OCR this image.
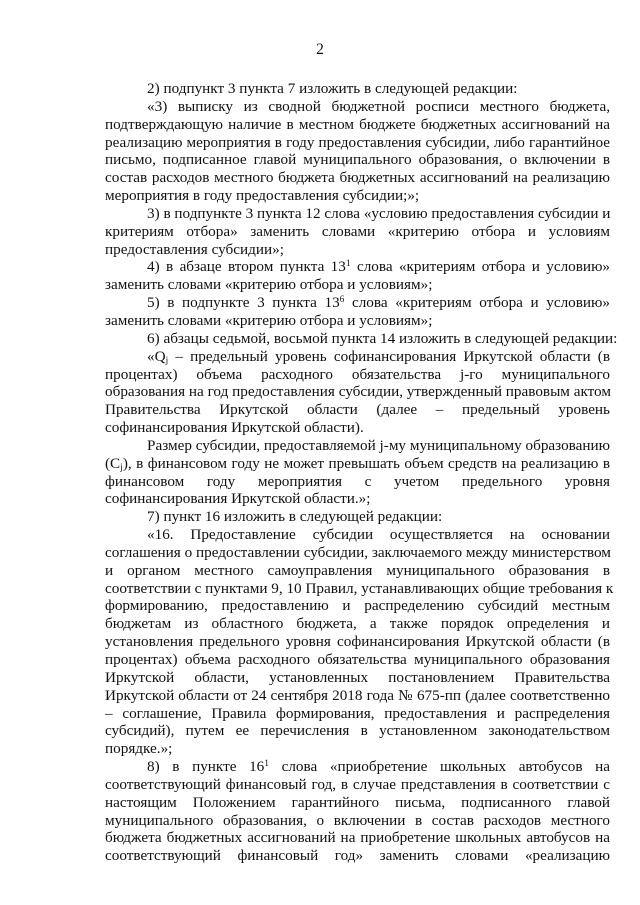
2
2) подпункт 3 пункта 7 изложить в следующей редакции:
«3) выписку из сводной бюджетной росписи местного бюджета,
подтверждающую наличие в местном бюджете бюджетных ассигнований на
реализацию мероприятия в году предоставления субсидии, либо гарантийное
письмо, подписанное главой муниципального образования, о включении в
состав расходов местного бюджета бюджетных ассигнований на реализацию
мероприятия в году предоставления субсидии;»;
3) в подпункте 3 пункта 12 слова «условию предоставления субсидии и
критериям отбора» заменить словами «критерию отбора и условиям
предоставления субсидии»;
4) в абзаце втором пункта $13^1$ слова «критериям отбора и условию»
заменить словами «критерию отбора и условиям»;
5) в подпункте 3 пункта $13^6$ слова «критериям отбора и условию»
заменить словами «критерию отбора и условиям»;
6) абзацы седьмой, восьмой пункта 14 изложить в следующей редакции:
«$Q_j$ – предельный уровень софинансирования Иркутской области (в
процентах) объема расходного обязательства j-го муниципального
образования на год предоставления субсидии, утвержденный правовым актом
Правительства Иркутской области (далее – предельный уровень
софинансирования Иркутской области).
Размер субсидии, предоставляемой j-му муниципальному образованию
$(C_j)$, в финансовом году не может превышать объем средств на реализацию в
финансовом году мероприятия с учетом предельного уровня
софинансирования Иркутской области.»;
7) пункт 16 изложить в следующей редакции:
«16. Предоставление субсидии осуществляется на основании
соглашения о предоставлении субсидии, заключаемого между министерством
и органом местного самоуправления муниципального образования в
соответствии с пунктами 9, 10 Правил, устанавливающих общие требования к
формированию, предоставлению и распределению субсидий местным
бюджетам из областного бюджета, а также порядок определения и
установления предельного уровня софинансирования Иркутской области (в
процентах) объема расходного обязательства муниципального образования
Иркутской области, установленных постановлением Правительства
Иркутской области от 24 сентября 2018 года № 675-пп (далее соответственно
– соглашение, Правила формирования, предоставления и распределения
субсидий), путем ее перечисления в установленном законодательством
порядке.»;
8) в пункте $16^1$ слова «приобретение школьных автобусов на
соответствующий финансовый год, в случае представления в соответствии с
настоящим Положением гарантийного письма, подписанного главой
муниципального образования, о включении в состав расходов местного
бюджета бюджетных ассигнований на приобретение школьных автобусов на
соответствующий финансовый год» заменить словами «реализацию
